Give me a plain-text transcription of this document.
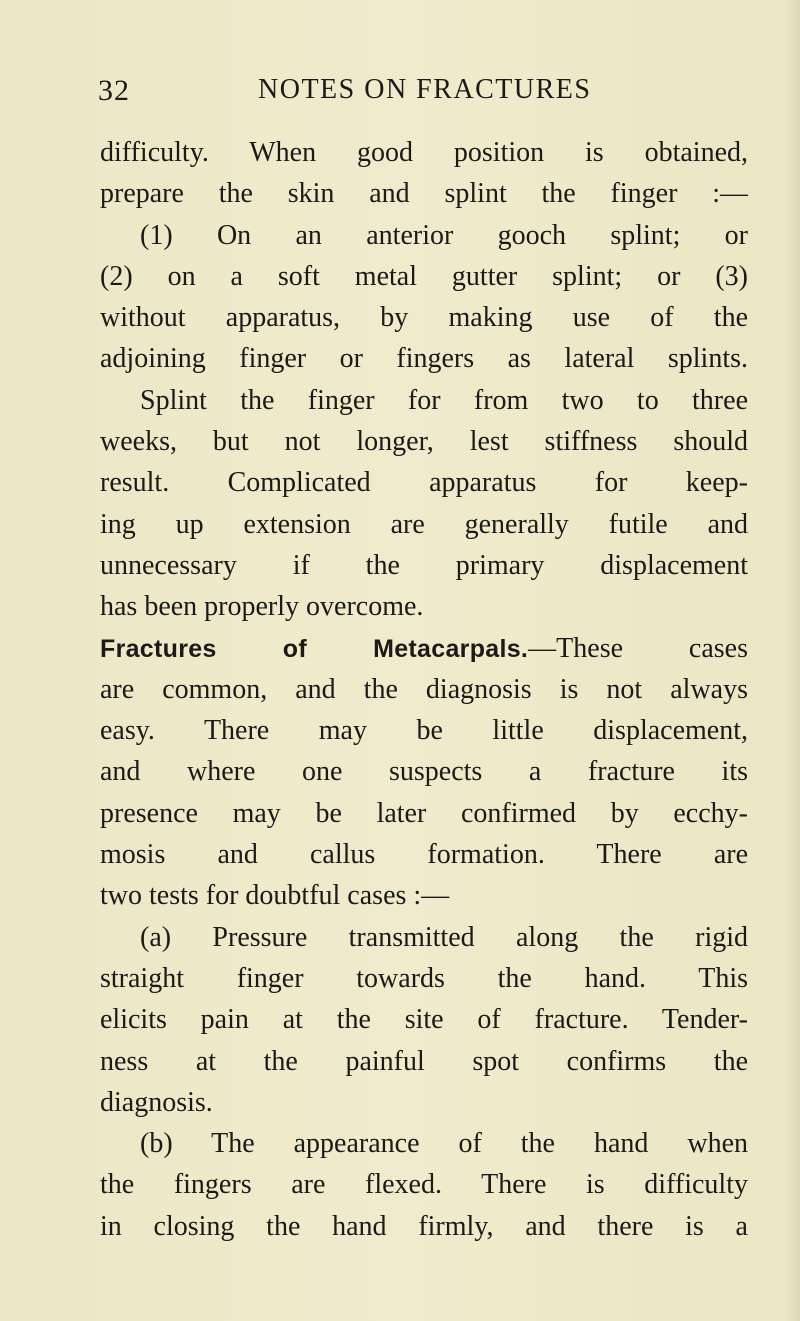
32	NOTES ON FRACTURES
difficulty. When good position is obtained,
prepare the skin and splint the finger :—
(1) On an anterior gooch splint; or
(2) on a soft metal gutter splint; or (3)
without apparatus, by making use of the
adjoining finger or fingers as lateral splints.
Splint the finger for from two to three
weeks, but not longer, lest stiffness should
result. Complicated apparatus for keep-
ing up extension are generally futile and
unnecessary if the primary displacement
has been properly overcome.
Fractures of Metacarpals.—These cases
are common, and the diagnosis is not always
easy. There may be little displacement,
and where one suspects a fracture its
presence may be later confirmed by ecchy-
mosis and callus formation. There are
two tests for doubtful cases :—
(a) Pressure transmitted along the rigid
straight finger towards the hand. This
elicits pain at the site of fracture. Tender-
ness at the painful spot confirms the
diagnosis.
(b) The appearance of the hand when
the fingers are flexed. There is difficulty
in closing the hand firmly, and there is a
